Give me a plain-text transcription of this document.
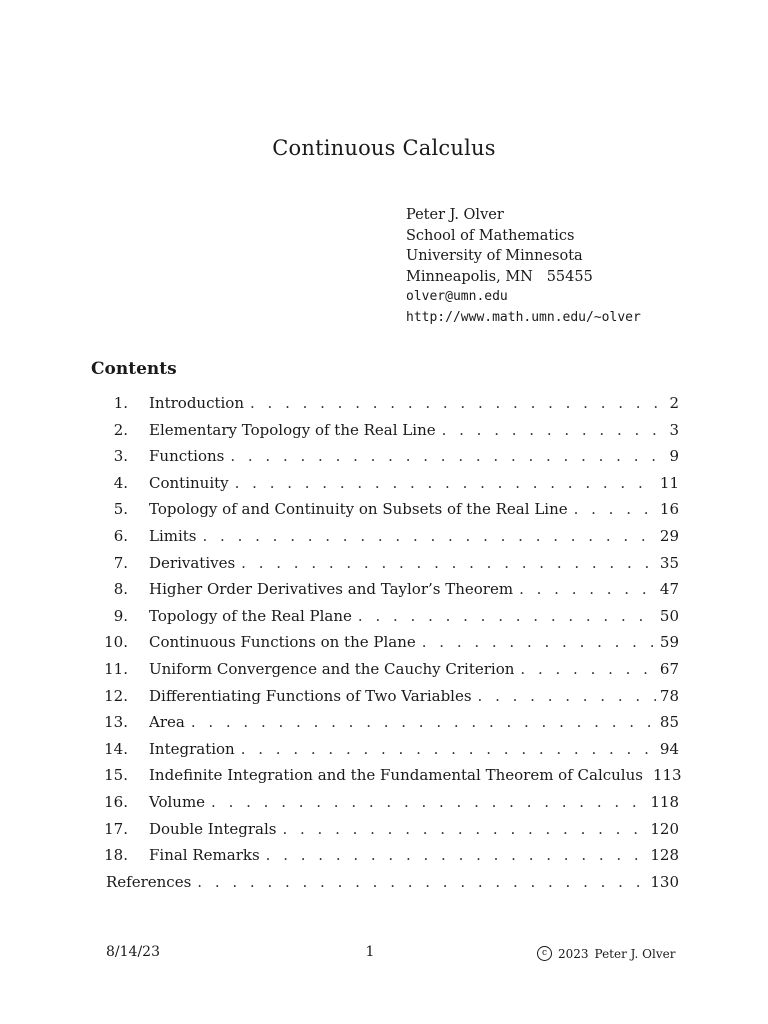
Continuous Calculus
Peter J. Olver
School of Mathematics
University of Minnesota
Minneapolis, MN 55455
olver@umn.edu
http://www.math.umn.edu/∼olver
Contents
1. Introduction . . .	2
2. Elementary Topology of the Real Line . . .	3
3. Functions . . .	9
4. Continuity . . .	11
5. Topology of and Continuity on Subsets of the Real Line . . .	16
6. Limits . . .	29
7. Derivatives . . .	35
8. Higher Order Derivatives and Taylor’s Theorem . . .	47
9. Topology of the Real Plane . . .	50
10. Continuous Functions on the Plane . . .	59
11. Uniform Convergence and the Cauchy Criterion . . .	67
12. Differentiating Functions of Two Variables . . .	78
13. Area . . .	85
14. Integration . . .	94
15. Indefinite Integration and the Fundamental Theorem of Calculus . . . 113
16. Volume . . .	118
17. Double Integrals . . .	120
18. Final Remarks . . .	128
References . . .	130
8/14/23	1	c 2023 Peter J. Olver
